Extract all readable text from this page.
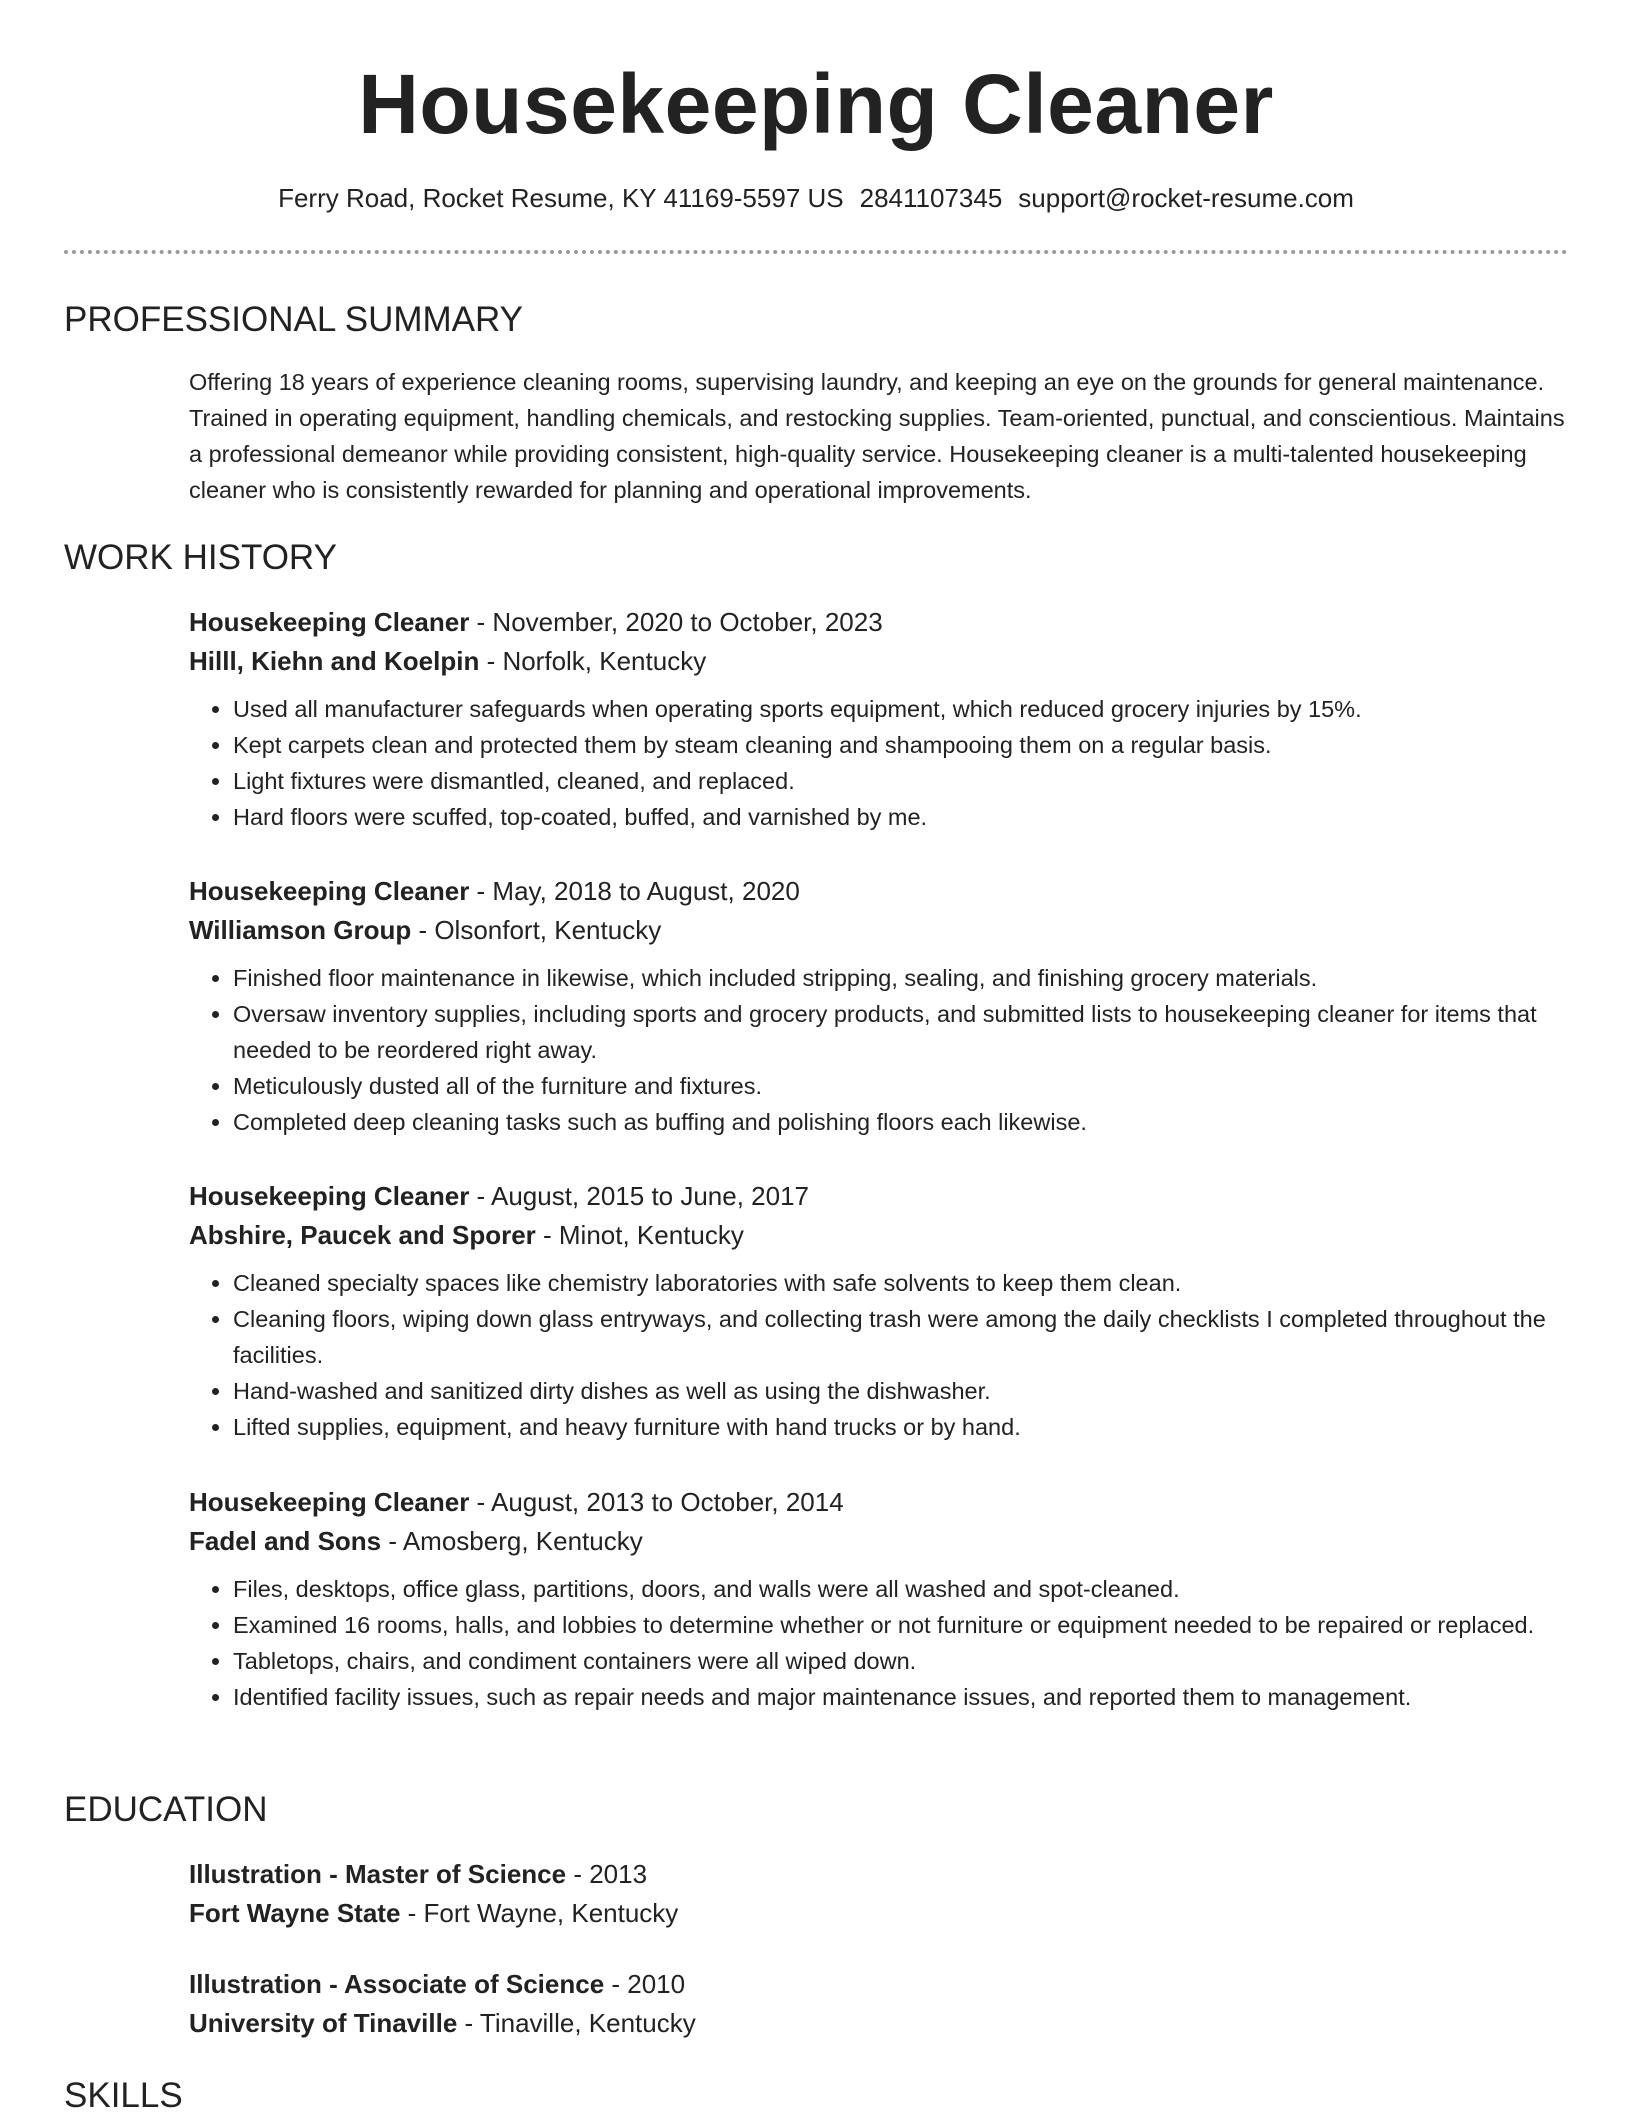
Housekeeping Cleaner
Ferry Road, Rocket Resume, KY 41169-5597 US 2841107345 support@rocket-resume.com
PROFESSIONAL SUMMARY
Offering 18 years of experience cleaning rooms, supervising laundry, and keeping an eye on the grounds for general maintenance. Trained in operating equipment, handling chemicals, and restocking supplies. Team-oriented, punctual, and conscientious. Maintains a professional demeanor while providing consistent, high-quality service. Housekeeping cleaner is a multi-talented housekeeping cleaner who is consistently rewarded for planning and operational improvements.
WORK HISTORY
Housekeeping Cleaner - November, 2020 to October, 2023
Hilll, Kiehn and Koelpin - Norfolk, Kentucky
• Used all manufacturer safeguards when operating sports equipment, which reduced grocery injuries by 15%.
• Kept carpets clean and protected them by steam cleaning and shampooing them on a regular basis.
• Light fixtures were dismantled, cleaned, and replaced.
• Hard floors were scuffed, top-coated, buffed, and varnished by me.
Housekeeping Cleaner - May, 2018 to August, 2020
Williamson Group - Olsonfort, Kentucky
• Finished floor maintenance in likewise, which included stripping, sealing, and finishing grocery materials.
• Oversaw inventory supplies, including sports and grocery products, and submitted lists to housekeeping cleaner for items that needed to be reordered right away.
• Meticulously dusted all of the furniture and fixtures.
• Completed deep cleaning tasks such as buffing and polishing floors each likewise.
Housekeeping Cleaner - August, 2015 to June, 2017
Abshire, Paucek and Sporer - Minot, Kentucky
• Cleaned specialty spaces like chemistry laboratories with safe solvents to keep them clean.
• Cleaning floors, wiping down glass entryways, and collecting trash were among the daily checklists I completed throughout the facilities.
• Hand-washed and sanitized dirty dishes as well as using the dishwasher.
• Lifted supplies, equipment, and heavy furniture with hand trucks or by hand.
Housekeeping Cleaner - August, 2013 to October, 2014
Fadel and Sons - Amosberg, Kentucky
• Files, desktops, office glass, partitions, doors, and walls were all washed and spot-cleaned.
• Examined 16 rooms, halls, and lobbies to determine whether or not furniture or equipment needed to be repaired or replaced.
• Tabletops, chairs, and condiment containers were all wiped down.
• Identified facility issues, such as repair needs and major maintenance issues, and reported them to management.
EDUCATION
Illustration - Master of Science - 2013
Fort Wayne State - Fort Wayne, Kentucky
Illustration - Associate of Science - 2010
University of Tinaville - Tinaville, Kentucky
SKILLS
